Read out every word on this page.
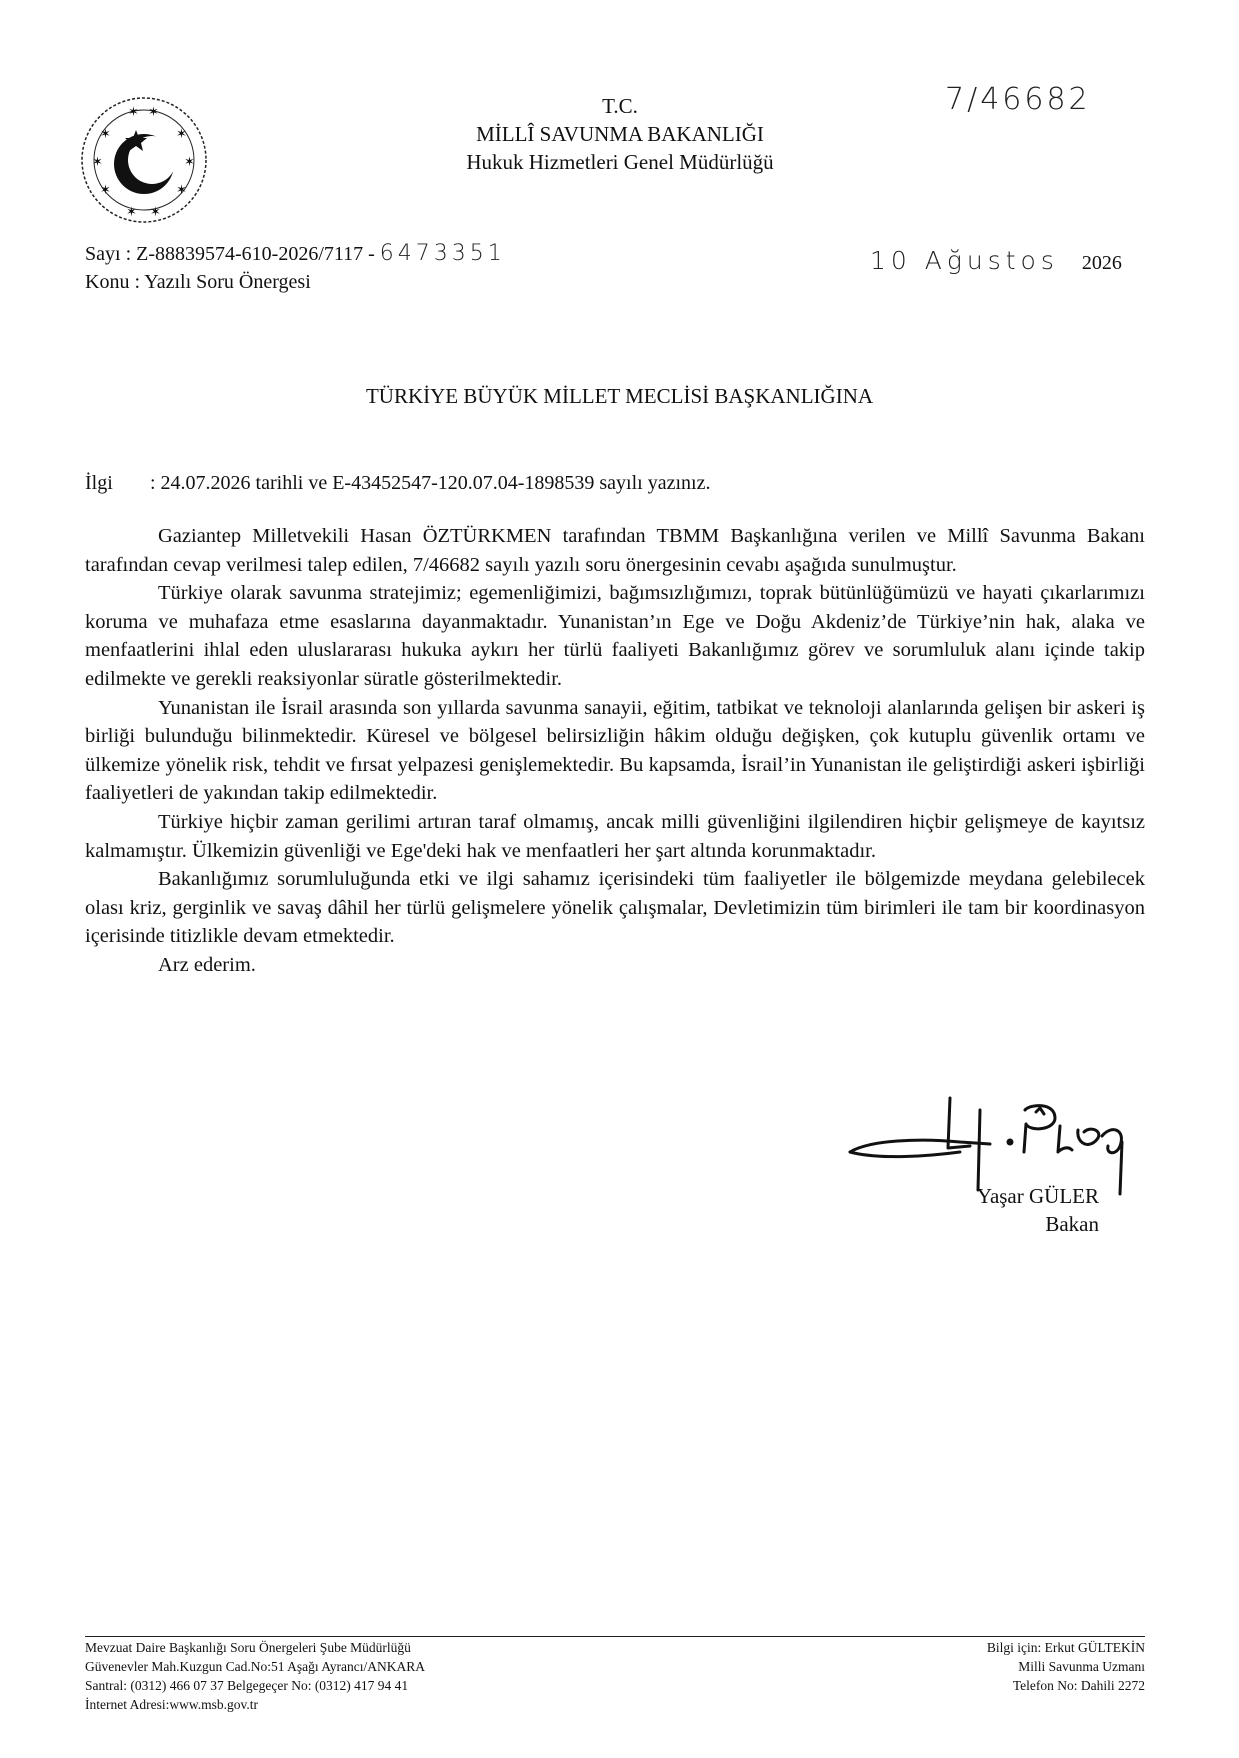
✶ ✶
✶	✶
✶	✶
✶	✶
✶ ✶
T.C.
MİLLÎ SAVUNMA BAKANLIĞI
Hukuk Hizmetleri Genel Müdürlüğü
7/46682
Sayı : Z-88839574-610-2026/7117 - 6473351
Konu : Yazılı Soru Önergesi
10 Ağustos 2026
TÜRKİYE BÜYÜK MİLLET MECLİSİ BAŞKANLIĞINA
İlgi : 24.07.2026 tarihli ve E-43452547-120.07.04-1898539 sayılı yazınız.

Gaziantep Milletvekili Hasan ÖZTÜRKMEN tarafından TBMM Başkanlığına verilen ve Millî Savunma Bakanı tarafından cevap verilmesi talep edilen, 7/46682 sayılı yazılı soru önergesinin cevabı aşağıda sunulmuştur.

Türkiye olarak savunma stratejimiz; egemenliğimizi, bağımsızlığımızı, toprak bütünlüğümüzü ve hayati çıkarlarımızı koruma ve muhafaza etme esaslarına dayanmaktadır. Yunanistan’ın Ege ve Doğu Akdeniz’de Türkiye’nin hak, alaka ve menfaatlerini ihlal eden uluslararası hukuka aykırı her türlü faaliyeti Bakanlığımız görev ve sorumluluk alanı içinde takip edilmekte ve gerekli reaksiyonlar süratle gösterilmektedir.

Yunanistan ile İsrail arasında son yıllarda savunma sanayii, eğitim, tatbikat ve teknoloji alanlarında gelişen bir askeri iş birliği bulunduğu bilinmektedir. Küresel ve bölgesel belirsizliğin hâkim olduğu değişken, çok kutuplu güvenlik ortamı ve ülkemize yönelik risk, tehdit ve fırsat yelpazesi genişlemektedir. Bu kapsamda, İsrail’in Yunanistan ile geliştirdiği askeri işbirliği faaliyetleri de yakından takip edilmektedir.

Türkiye hiçbir zaman gerilimi artıran taraf olmamış, ancak milli güvenliğini ilgilendiren hiçbir gelişmeye de kayıtsız kalmamıştır. Ülkemizin güvenliği ve Ege'deki hak ve menfaatleri her şart altında korunmaktadır.

Bakanlığımız sorumluluğunda etki ve ilgi sahamız içerisindeki tüm faaliyetler ile bölgemizde meydana gelebilecek olası kriz, gerginlik ve savaş dâhil her türlü gelişmelere yönelik çalışmalar, Devletimizin tüm birimleri ile tam bir koordinasyon içerisinde titizlikle devam etmektedir.

Arz ederim.

Yaşar GÜLER
Bakan
Mevzuat Daire Başkanlığı Soru Önergeleri Şube Müdürlüğü
Güvenevler Mah.Kuzgun Cad.No:51 Aşağı Ayrancı/ANKARA
Santral: (0312) 466 07 37 Belgegeçer No: (0312) 417 94 41
İnternet Adresi:www.msb.gov.tr
Bilgi için: Erkut GÜLTEKİN
Milli Savunma Uzmanı
Telefon No: Dahili 2272
